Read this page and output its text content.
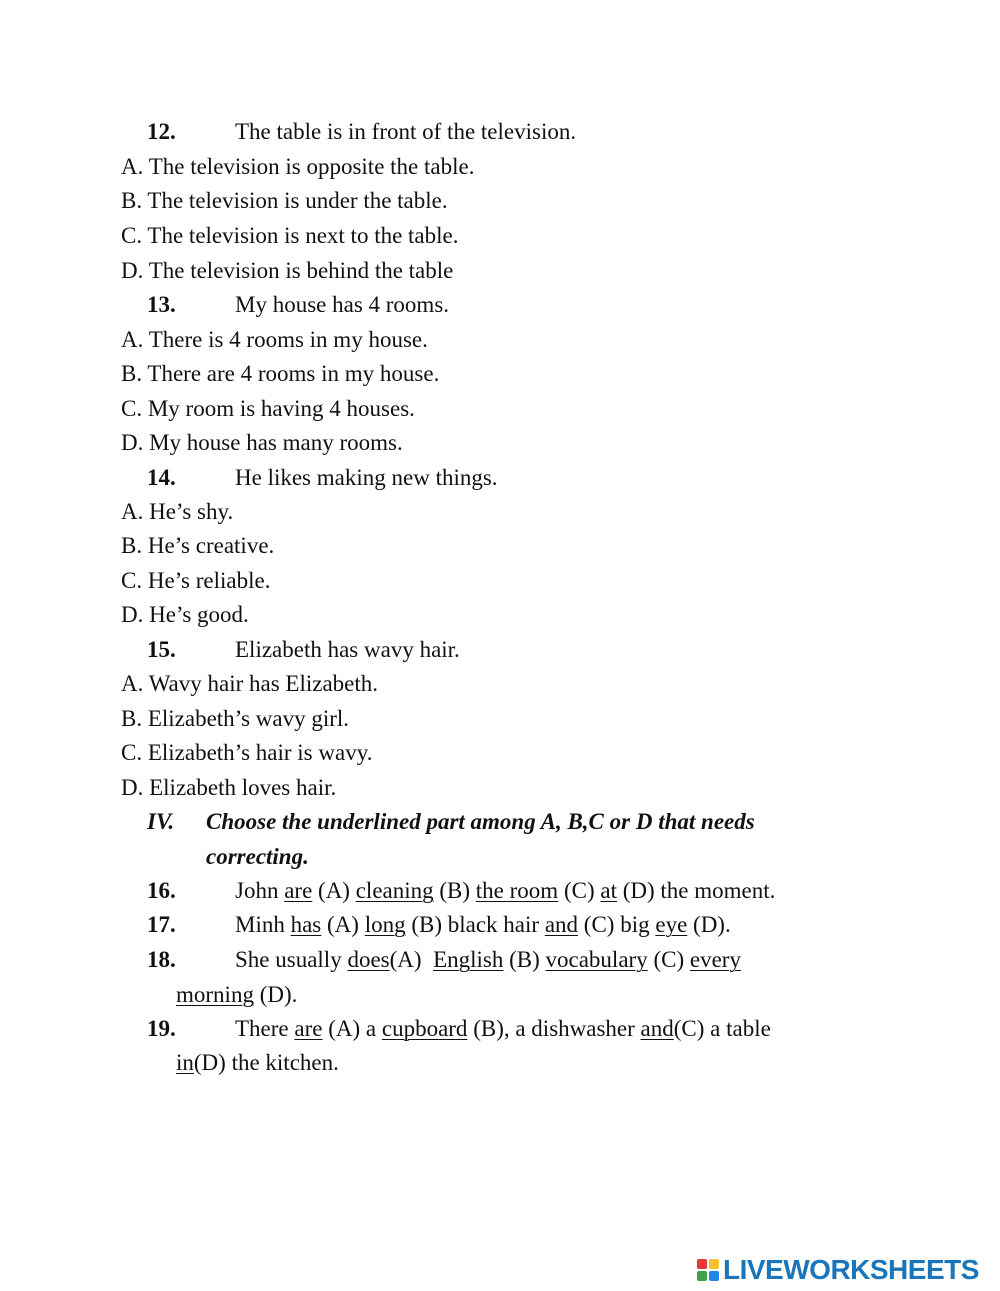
12.	The table is in front of the television.
A. The television is opposite the table.
B. The television is under the table.
C. The television is next to the table.
D. The television is behind the table
13.	My house has 4 rooms.
A. There is 4 rooms in my house.
B. There are 4 rooms in my house.
C. My room is having 4 houses.
D. My house has many rooms.
14.	He likes making new things.
A. He’s shy.
B. He’s creative.
C. He’s reliable.
D. He’s good.
15.	Elizabeth has wavy hair.
A. Wavy hair has Elizabeth.
B. Elizabeth’s wavy girl.
C. Elizabeth’s hair is wavy.
D. Elizabeth loves hair.
IV. Choose the underlined part among A, B,C or D that needs
correcting.
16.	John are (A) cleaning (B) the room (C) at (D) the moment.
17.	Minh has (A) long (B) black hair and (C) big eye (D).
18.	She usually does(A)  English (B) vocabulary (C) every
morning (D).
19.	There are (A) a cupboard (B), a dishwasher and(C) a table
in(D) the kitchen.
LIVEWORKSHEETS
